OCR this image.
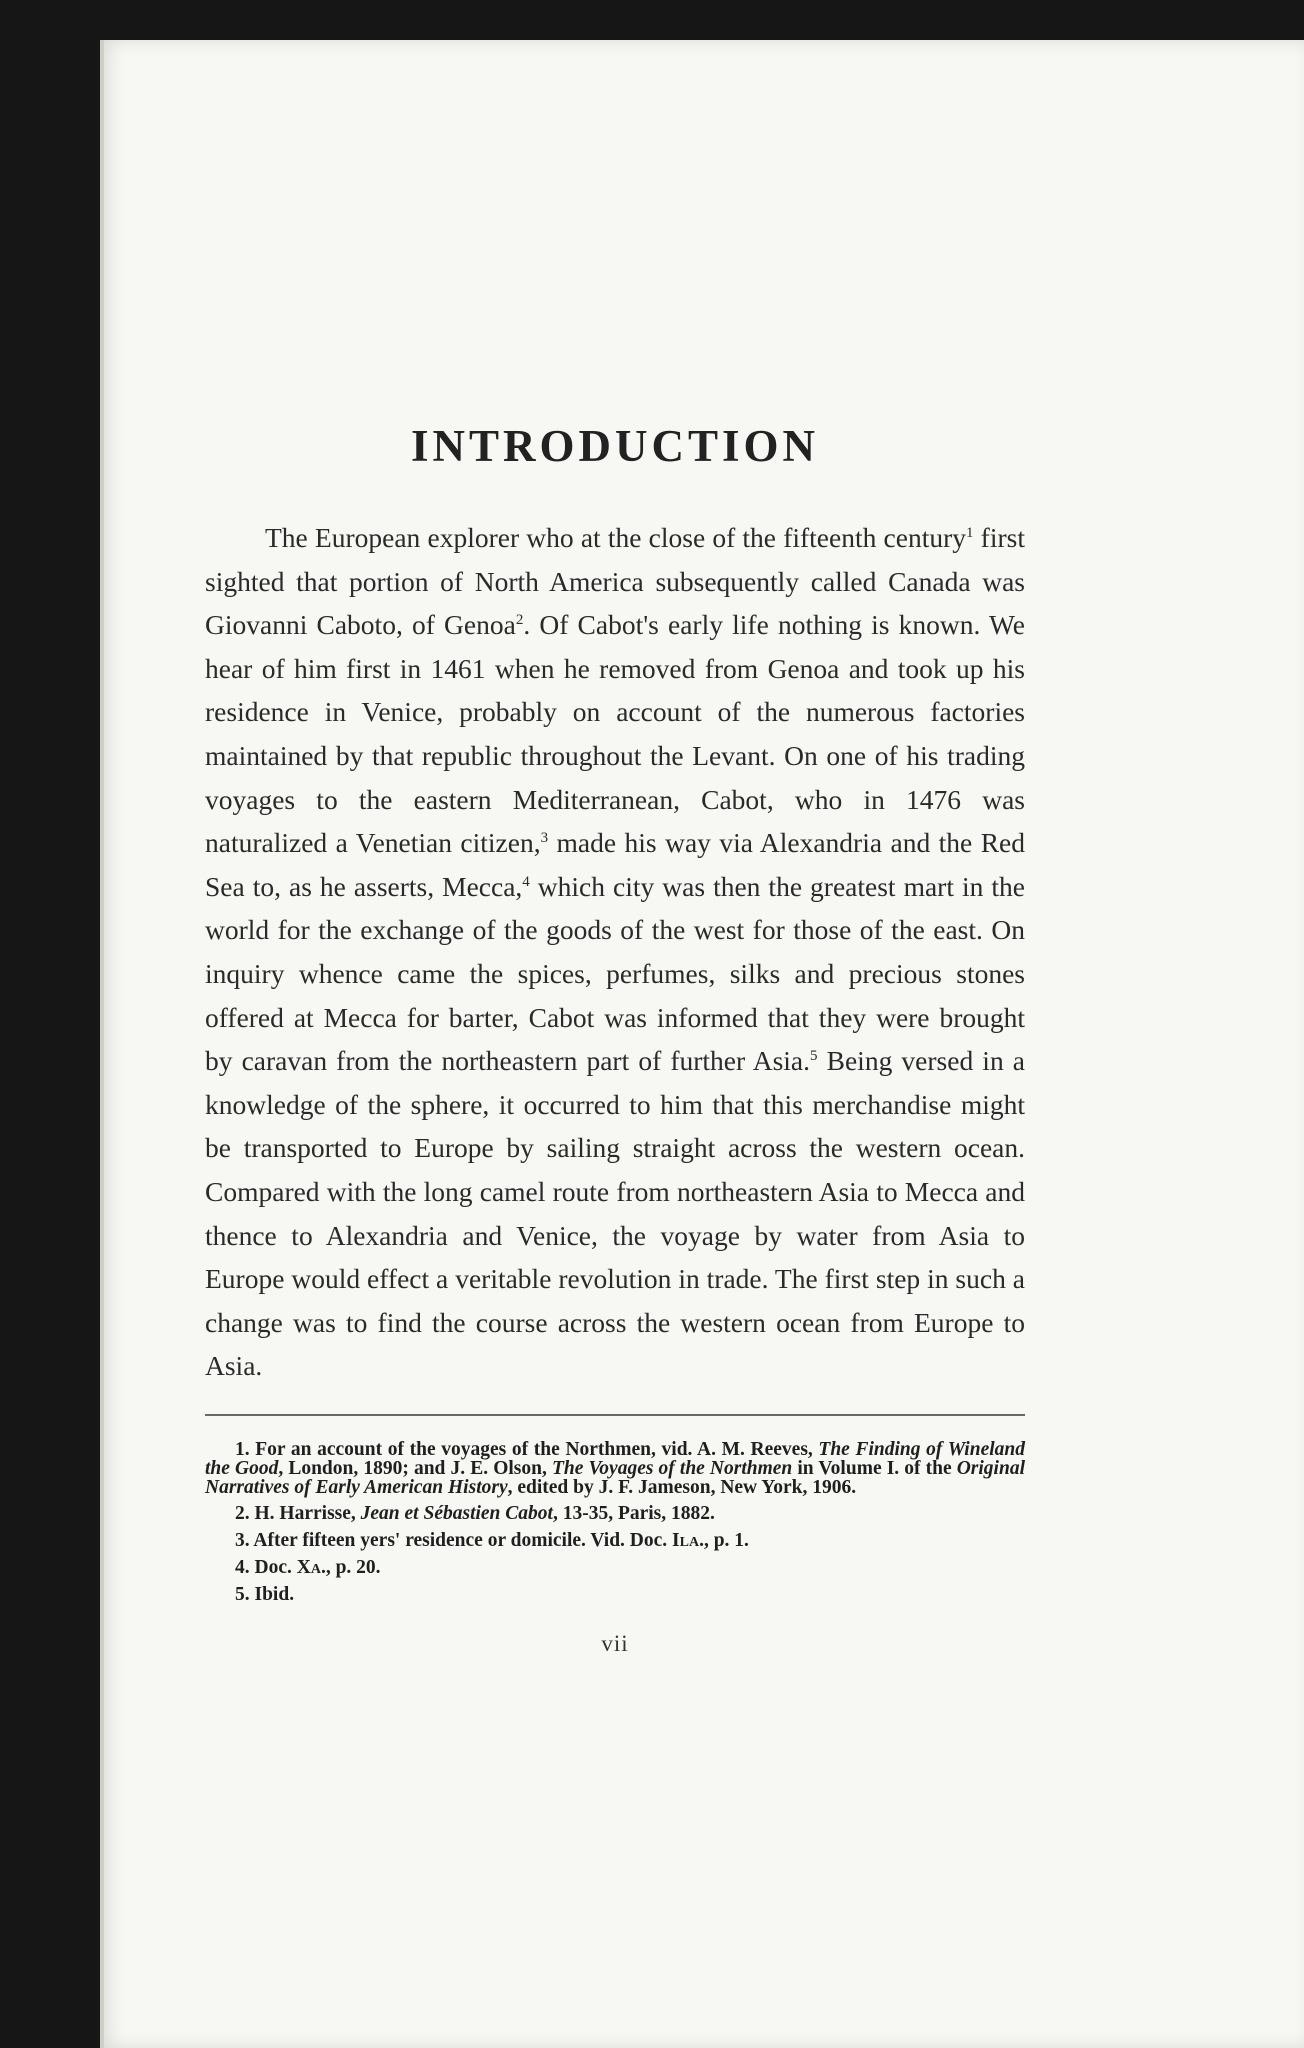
INTRODUCTION

The European explorer who at the close of the fifteenth century$^1$ first sighted that portion of North America subsequently called Canada was Giovanni Caboto, of Genoa$^2$. Of Cabot's early life nothing is known. We hear of him first in 1461 when he removed from Genoa and took up his residence in Venice, probably on account of the numerous factories maintained by that republic throughout the Levant. On one of his trading voyages to the eastern Mediterranean, Cabot, who in 1476 was naturalized a Venetian citizen,$^3$ made his way via Alexandria and the Red Sea to, as he asserts, Mecca,$^4$ which city was then the greatest mart in the world for the exchange of the goods of the west for those of the east. On inquiry whence came the spices, perfumes, silks and precious stones offered at Mecca for barter, Cabot was informed that they were brought by caravan from the northeastern part of further Asia.$^5$ Being versed in a knowledge of the sphere, it occurred to him that this merchandise might be transported to Europe by sailing straight across the western ocean. Compared with the long camel route from northeastern Asia to Mecca and thence to Alexandria and Venice, the voyage by water from Asia to Europe would effect a veritable revolution in trade. The first step in such a change was to find the course across the western ocean from Europe to Asia.

1. For an account of the voyages of the Northmen, vid. A. M. Reeves, The Finding of Wineland the Good, London, 1890; and J. E. Olson, The Voyages of the Northmen in Volume I. of the Original Narratives of Early American History, edited by J. F. Jameson, New York, 1906.

2. H. Harrisse, Jean et Sébastien Cabot, 13-35, Paris, 1882.

3. After fifteen yers' residence or domicile. Vid. Doc. Ila., p. 1.

4. Doc. Xa., p. 20.

5. Ibid.

vii
